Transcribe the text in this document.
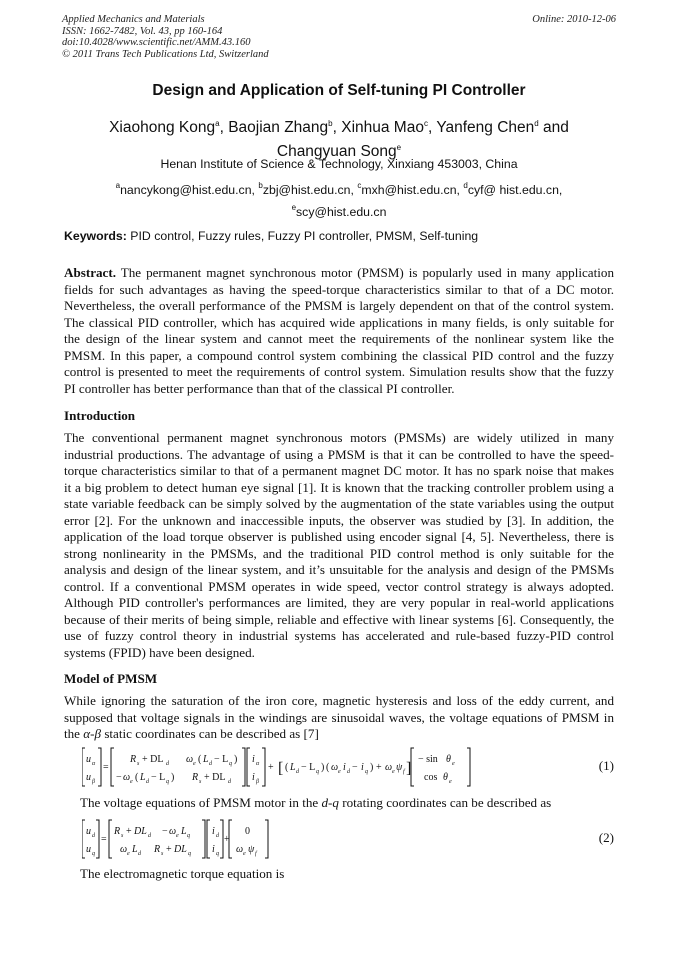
Applied Mechanics and Materials
ISSN: 1662-7482, Vol. 43, pp 160-164
doi:10.4028/www.scientific.net/AMM.43.160
© 2011 Trans Tech Publications Ltd, Switzerland
Online: 2010-12-06
Design and Application of Self-tuning PI Controller
Xiaohong Kong$^a$, Baojian Zhang$^b$, Xinhua Mao$^c$, Yanfeng Chen$^d$ and Changyuan Song$^e$
Henan Institute of Science & Technology, Xinxiang 453003, China
$^a$nancykong@hist.edu.cn, $^b$zbj@hist.edu.cn, $^c$mxh@hist.edu.cn, $^d$cyf@ hist.edu.cn,
$^e$scy@hist.edu.cn
Keywords: PID control, Fuzzy rules, Fuzzy PI controller, PMSM, Self-tuning
Abstract. The permanent magnet synchronous motor (PMSM) is popularly used in many application fields for such advantages as having the speed-torque characteristics similar to that of a DC motor. Nevertheless, the overall performance of the PMSM is largely dependent on that of the control system. The classical PID controller, which has acquired wide applications in many fields, is only suitable for the design of the linear system and cannot meet the requirements of the nonlinear system like the PMSM. In this paper, a compound control system combining the classical PID control and the fuzzy control is presented to meet the requirements of control system. Simulation results show that the fuzzy PI controller has better performance than that of the classical PI controller.
Introduction
The conventional permanent magnet synchronous motors (PMSMs) are widely utilized in many industrial productions. The advantage of using a PMSM is that it can be controlled to have the speed-torque characteristics similar to that of a permanent magnet DC motor. It has no spark noise that makes it a big problem to detect human eye signal [1]. It is known that the tracking controller problem using a state variable feedback can be simply solved by the augmentation of the state variables using the output error [2]. For the unknown and inaccessible inputs, the observer was studied by [3]. In addition, the application of the load torque observer is published using encoder signal [4, 5]. Nevertheless, there is strong nonlinearity in the PMSMs, and the traditional PID control method is only suitable for the analysis and design of the linear system, and it’s unsuitable for the analysis and design of the PMSMs control. If a conventional PMSM operates in wide speed, vector control strategy is always adopted. Although PID controller's performances are limited, they are very popular in real-world applications because of their merits of being simple, reliable and effective with linear systems [6]. Consequently, the use of fuzzy control theory in industrial systems has accelerated and rule-based fuzzy-PID control systems (FPID) have been designed.
Model of PMSM
While ignoring the saturation of the iron core, magnetic hysteresis and loss of the eddy current, and supposed that voltage signals in the windings are sinusoidal waves, the voltage equations of PMSM in the α-β static coordinates can be described as [7]
u α
u β
=
R s + DL d ω e ( L d − L q )
− ω e ( L d − L q ) R s + DL d
i α
i β
+ [ ( L d − L q ) ( ω e i d − i q ) + ω e ψ f ]
− sin θ e
cos θ e
(1)
The voltage equations of PMSM motor in the d-q rotating coordinates can be described as
u d
u q
=
R s + DL d − ω e L q
ω e L d R s + DL q
i d
i q
+
0
ω e ψ f
(2)
The electromagnetic torque equation is
